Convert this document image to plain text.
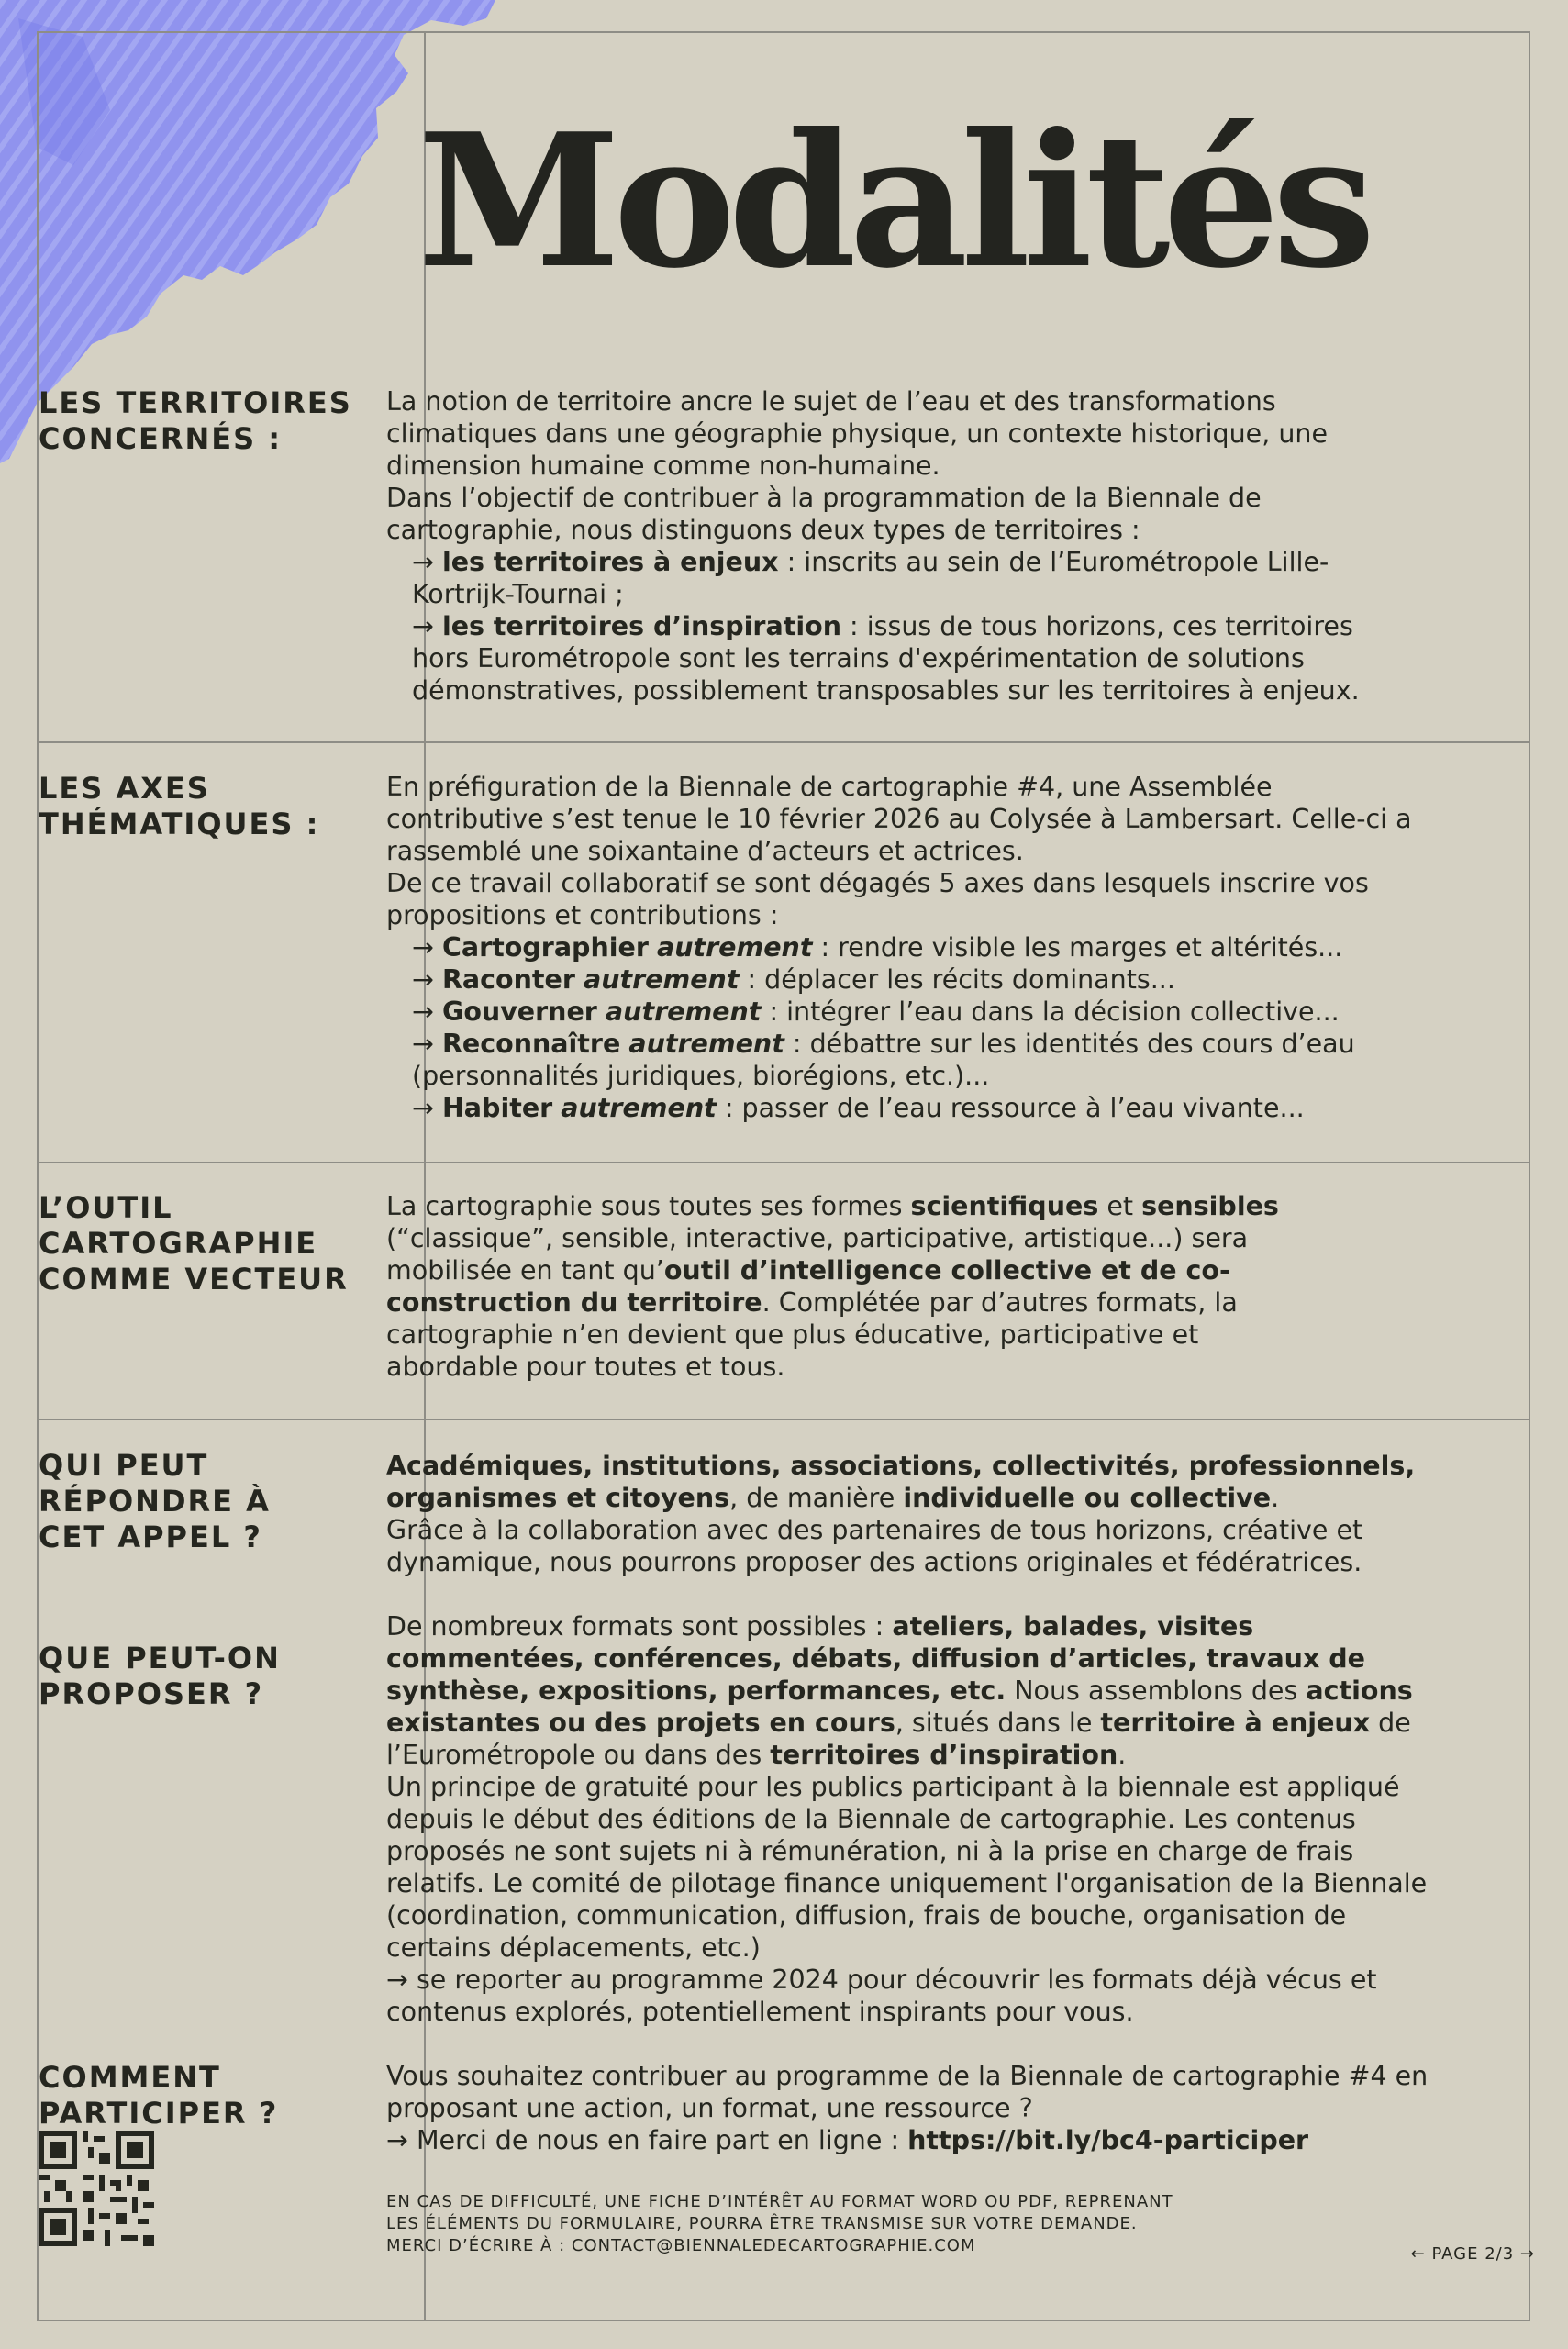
Modalités
LES TERRITOIRES
CONCERNÉS :

La notion de territoire ancre le sujet de l’eau et des transformations climatiques dans une géographie physique, un contexte historique, une dimension humaine comme non-humaine.

Dans l’objectif de contribuer à la programmation de la Biennale de cartographie, nous distinguons deux types de territoires :

→ les territoires à enjeux : inscrits au sein de l’Eurométropole Lille-Kortrijk-Tournai ;

→ les territoires d’inspiration : issus de tous horizons, ces territoires hors Eurométropole sont les terrains d'expérimentation de solutions démonstratives, possiblement transposables sur les territoires à enjeux.

LES AXES
THÉMATIQUES :

En préfiguration de la Biennale de cartographie #4, une Assemblée contributive s’est tenue le 10 février 2026 au Colysée à Lambersart. Celle-ci a rassemblé une soixantaine d’acteurs et actrices.

De ce travail collaboratif se sont dégagés 5 axes dans lesquels inscrire vos propositions et contributions :

→ Cartographier autrement : rendre visible les marges et altérités...

→ Raconter autrement : déplacer les récits dominants...

→ Gouverner autrement : intégrer l’eau dans la décision collective...

→ Reconnaître autrement : débattre sur les identités des cours d’eau (personnalités juridiques, biorégions, etc.)...

→ Habiter autrement : passer de l’eau ressource à l’eau vivante...

L’OUTIL
CARTOGRAPHIE
COMME VECTEUR

La cartographie sous toutes ses formes scientifiques et sensibles (“classique”, sensible, interactive, participative, artistique...) sera mobilisée en tant qu’outil d’intelligence collective et de co-construction du territoire. Complétée par d’autres formats, la cartographie n’en devient que plus éducative, participative et abordable pour toutes et tous.

QUI PEUT
RÉPONDRE À
CET APPEL ?
QUE PEUT-ON
PROPOSER ?
COMMENT
PARTICIPER ?

Académiques, institutions, associations, collectivités, professionnels, organismes et citoyens, de manière individuelle ou collective.

Grâce à la collaboration avec des partenaires de tous horizons, créative et dynamique, nous pourrons proposer des actions originales et fédératrices.

De nombreux formats sont possibles : ateliers, balades, visites commentées, conférences, débats, diffusion d’articles, travaux de synthèse, expositions, performances, etc. Nous assemblons des actions existantes ou des projets en cours, situés dans le territoire à enjeux de l’Eurométropole ou dans des territoires d’inspiration.

Un principe de gratuité pour les publics participant à la biennale est appliqué depuis le début des éditions de la Biennale de cartographie. Les contenus proposés ne sont sujets ni à rémunération, ni à la prise en charge de frais relatifs. Le comité de pilotage finance uniquement l'organisation de la Biennale (coordination, communication, diffusion, frais de bouche, organisation de certains déplacements, etc.)

→ se reporter au programme 2024 pour découvrir les formats déjà vécus et contenus explorés, potentiellement inspirants pour vous.

Vous souhaitez contribuer au programme de la Biennale de cartographie #4 en proposant une action, un format, une ressource ?

→ Merci de nous en faire part en ligne : https://bit.ly/bc4-participer

EN CAS DE DIFFICULTÉ, UNE FICHE D’INTÉRÊT AU FORMAT WORD OU PDF, REPRENANT

LES ÉLÉMENTS DU FORMULAIRE, POURRA ÊTRE TRANSMISE SUR VOTRE DEMANDE.

MERCI D’ÉCRIRE À : CONTACT@BIENNALEDECARTOGRAPHIE.COM	← PAGE 2/3 →
